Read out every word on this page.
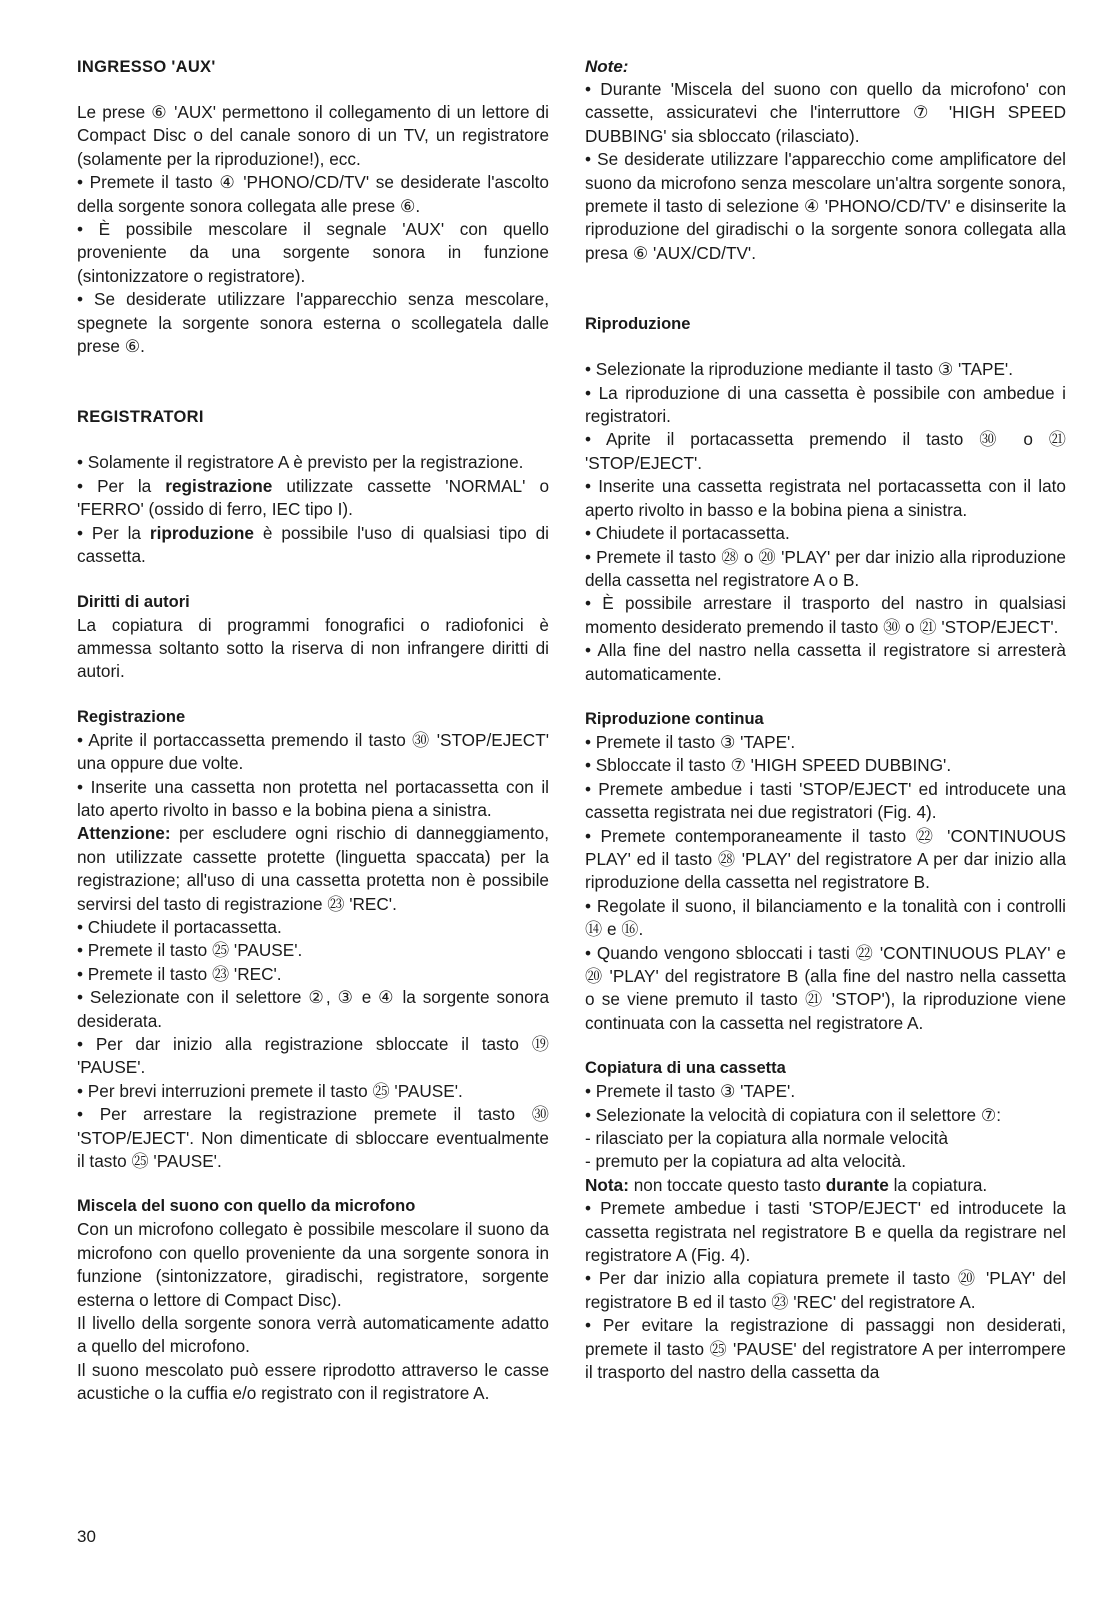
INGRESSO 'AUX'

Le prese ⑥ 'AUX' permettono il collegamento di un lettore di Compact Disc o del canale sonoro di un TV, un registratore (solamente per la riproduzione!), ecc.

• Premete il tasto ④ 'PHONO/CD/TV' se desiderate l'ascolto della sorgente sonora collegata alle prese ⑥.

• È possibile mescolare il segnale 'AUX' con quello proveniente da una sorgente sonora in funzione (sintonizzatore o registratore).

• Se desiderate utilizzare l'apparecchio senza mescolare, spegnete la sorgente sonora esterna o scollegatela dalle prese ⑥.

REGISTRATORI

• Solamente il registratore A è previsto per la registrazione.

• Per la registrazione utilizzate cassette 'NORMAL' o 'FERRO' (ossido di ferro, IEC tipo I).

• Per la riproduzione è possibile l'uso di qualsiasi tipo di cassetta.

Diritti di autori

La copiatura di programmi fonografici o radiofonici è ammessa soltanto sotto la riserva di non infrangere diritti di autori.

Registrazione

• Aprite il portaccassetta premendo il tasto ㉚ 'STOP/EJECT' una oppure due volte.

• Inserite una cassetta non protetta nel portacassetta con il lato aperto rivolto in basso e la bobina piena a sinistra.

Attenzione: per escludere ogni rischio di danneggiamento, non utilizzate cassette protette (linguetta spaccata) per la registrazione; all'uso di una cassetta protetta non è possibile servirsi del tasto di registrazione ㉓ 'REC'.

• Chiudete il portacassetta.

• Premete il tasto ㉕ 'PAUSE'.

• Premete il tasto ㉓ 'REC'.

• Selezionate con il selettore ②, ③ e ④ la sorgente sonora desiderata.

• Per dar inizio alla registrazione sbloccate il tasto ⑲ 'PAUSE'.

• Per brevi interruzioni premete il tasto ㉕ 'PAUSE'.

• Per arrestare la registrazione premete il tasto ㉚ 'STOP/EJECT'. Non dimenticate di sbloccare eventualmente il tasto ㉕ 'PAUSE'.

Miscela del suono con quello da microfono

Con un microfono collegato è possibile mescolare il suono da microfono con quello proveniente da una sorgente sonora in funzione (sintonizzatore, giradischi, registratore, sorgente esterna o lettore di Compact Disc).

Il livello della sorgente sonora verrà automaticamente adatto a quello del microfono.

Il suono mescolato può essere riprodotto attraverso le casse acustiche o la cuffia e/o registrato con il registratore A.

Note:

• Durante 'Miscela del suono con quello da microfono' con cassette, assicuratevi che l'interruttore ⑦ 'HIGH SPEED DUBBING' sia sbloccato (rilasciato).

• Se desiderate utilizzare l'apparecchio come amplificatore del suono da microfono senza mescolare un'altra sorgente sonora, premete il tasto di selezione ④ 'PHONO/CD/TV' e disinserite la riproduzione del giradischi o la sorgente sonora collegata alla presa ⑥ 'AUX/CD/TV'.

Riproduzione

• Selezionate la riproduzione mediante il tasto ③ 'TAPE'.

• La riproduzione di una cassetta è possibile con ambedue i registratori.

• Aprite il portacassetta premendo il tasto ㉚ o ㉑ 'STOP/EJECT'.

• Inserite una cassetta registrata nel portacassetta con il lato aperto rivolto in basso e la bobina piena a sinistra.

• Chiudete il portacassetta.

• Premete il tasto ㉘ o ⑳ 'PLAY' per dar inizio alla riproduzione della cassetta nel registratore A o B.

• È possibile arrestare il trasporto del nastro in qualsiasi momento desiderato premendo il tasto ㉚ o ㉑ 'STOP/EJECT'.

• Alla fine del nastro nella cassetta il registratore si arresterà automaticamente.

Riproduzione continua

• Premete il tasto ③ 'TAPE'.

• Sbloccate il tasto ⑦ 'HIGH SPEED DUBBING'.

• Premete ambedue i tasti 'STOP/EJECT' ed introducete una cassetta registrata nei due registratori (Fig. 4).

• Premete contemporaneamente il tasto ㉒ 'CONTINUOUS PLAY' ed il tasto ㉘ 'PLAY' del registratore A per dar inizio alla riproduzione della cassetta nel registratore B.

• Regolate il suono, il bilanciamento e la tonalità con i controlli ⑭ e ⑯.

• Quando vengono sbloccati i tasti ㉒ 'CONTINUOUS PLAY' e ⑳ 'PLAY' del registratore B (alla fine del nastro nella cassetta o se viene premuto il tasto ㉑ 'STOP'), la riproduzione viene continuata con la cassetta nel registratore A.

Copiatura di una cassetta

• Premete il tasto ③ 'TAPE'.

• Selezionate la velocità di copiatura con il selettore ⑦:

- rilasciato per la copiatura alla normale velocità

- premuto per la copiatura ad alta velocità.

Nota: non toccate questo tasto durante la copiatura.

• Premete ambedue i tasti 'STOP/EJECT' ed introducete la cassetta registrata nel registratore B e quella da registrare nel registratore A (Fig. 4).

• Per dar inizio alla copiatura premete il tasto ⑳ 'PLAY' del registratore B ed il tasto ㉓ 'REC' del registratore A.

• Per evitare la registrazione di passaggi non desiderati, premete il tasto ㉕ 'PAUSE' del registratore A per interrompere il trasporto del nastro della cassetta da

30
